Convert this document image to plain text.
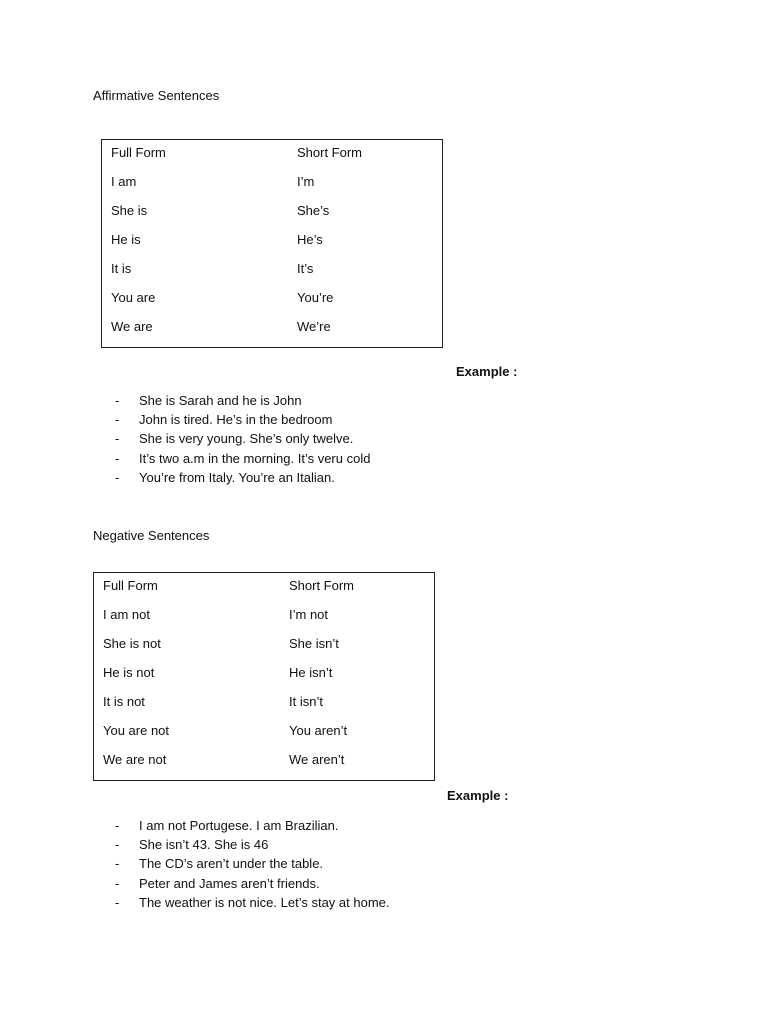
Affirmative Sentences
Full Form	Short Form
I am	I’m
She is	She’s
He is	He’s
It is	It’s
You are	You’re
We are	We’re
Example :
- She is Sarah and he is John
- John is tired. He’s in the bedroom
- She is very young. She’s only twelve.
- It’s two a.m in the morning. It’s veru cold
- You’re from Italy. You’re an Italian.
Negative Sentences
Full Form	Short Form
I am not	I’m not
She is not	She isn’t
He is not	He isn’t
It is not	It isn’t
You are not	You aren’t
We are not	We aren’t
Example :
- I am not Portugese. I am Brazilian.
- She isn’t 43. She is 46
- The CD’s aren’t under the table.
- Peter and James aren’t friends.
- The weather is not nice. Let’s stay at home.
